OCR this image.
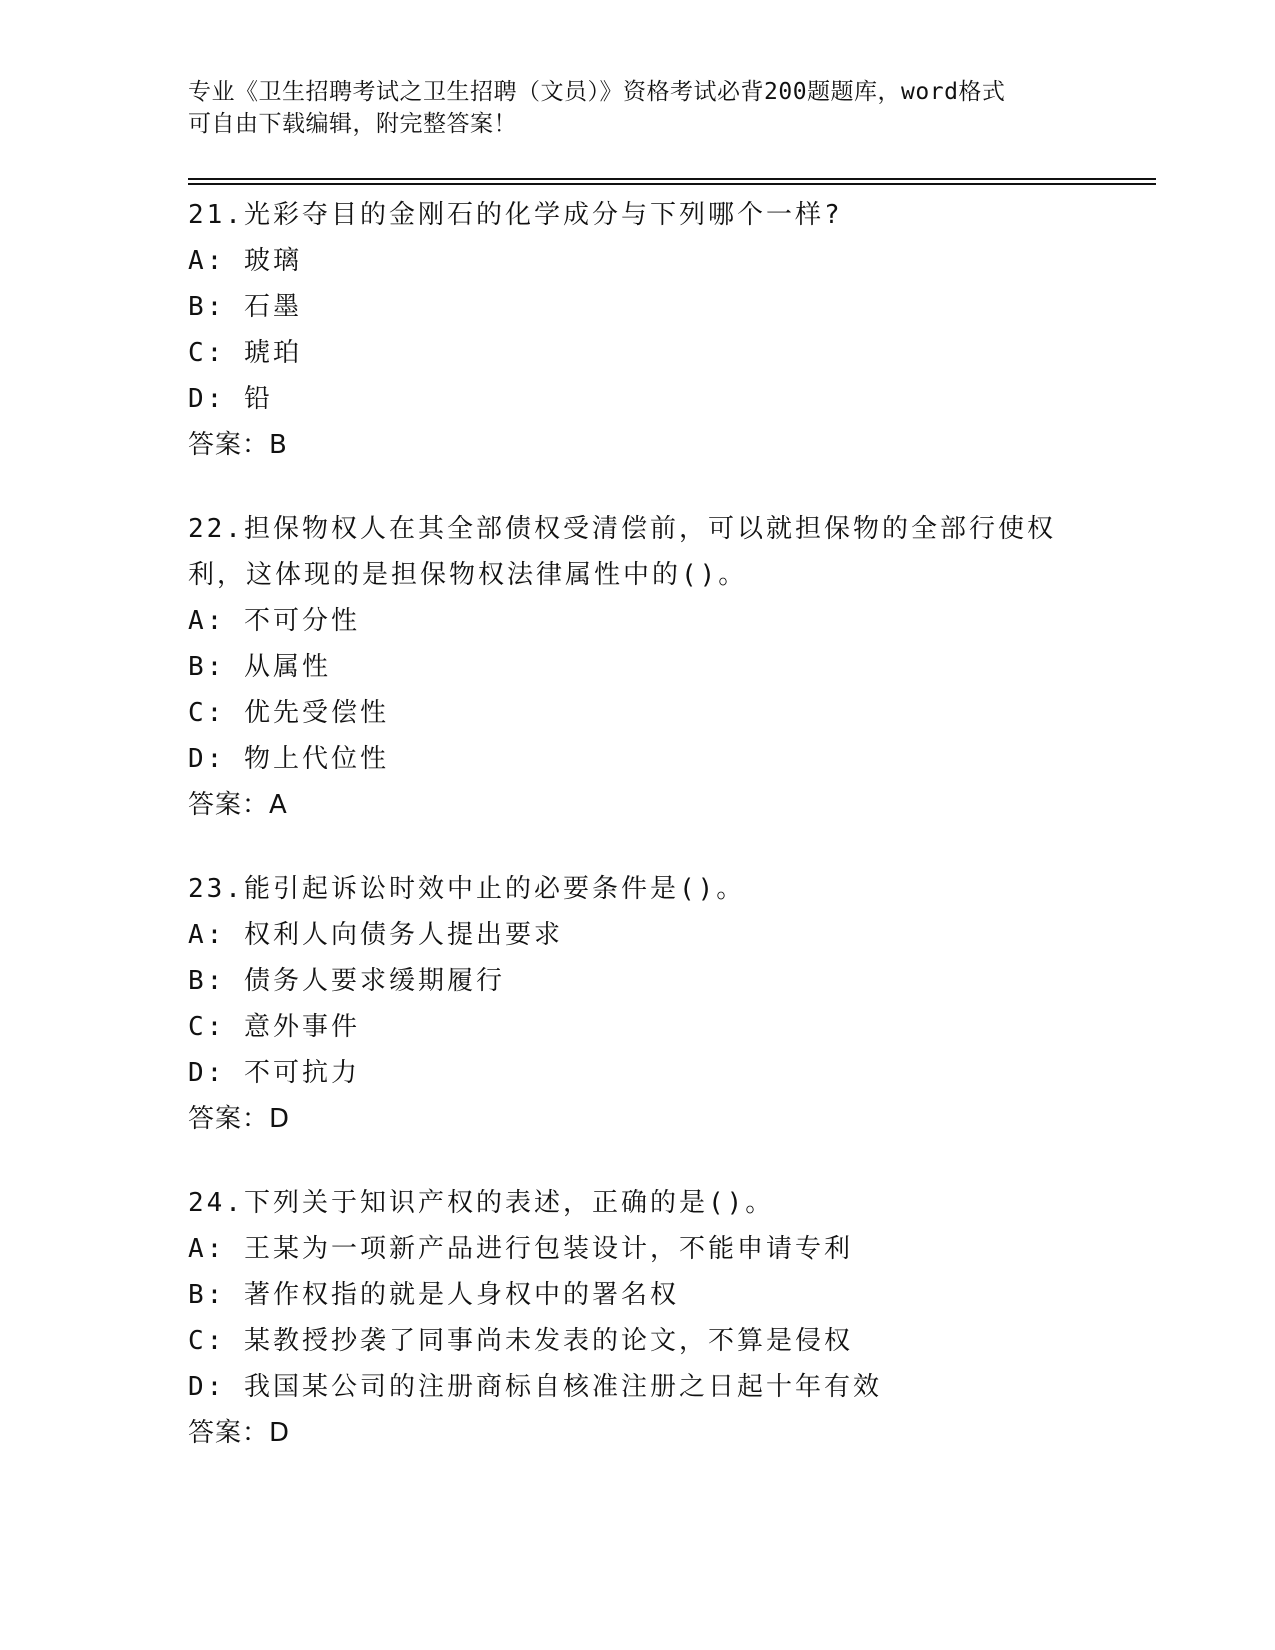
专业《卫生招聘考试之卫生招聘（文员）》资格考试必背200题题库，word格式
可自由下载编辑，附完整答案！
21.光彩夺目的金刚石的化学成分与下列哪个一样?
A: 玻璃
B: 石墨
C: 琥珀
D: 铅
答案：B
22.担保物权人在其全部债权受清偿前，可以就担保物的全部行使权利，这体现的是担保物权法律属性中的()。
A: 不可分性
B: 从属性
C: 优先受偿性
D: 物上代位性
答案：A
23.能引起诉讼时效中止的必要条件是()。
A: 权利人向债务人提出要求
B: 债务人要求缓期履行
C: 意外事件
D: 不可抗力
答案：D
24.下列关于知识产权的表述，正确的是()。
A: 王某为一项新产品进行包装设计，不能申请专利
B: 著作权指的就是人身权中的署名权
C: 某教授抄袭了同事尚未发表的论文，不算是侵权
D: 我国某公司的注册商标自核准注册之日起十年有效
答案：D
